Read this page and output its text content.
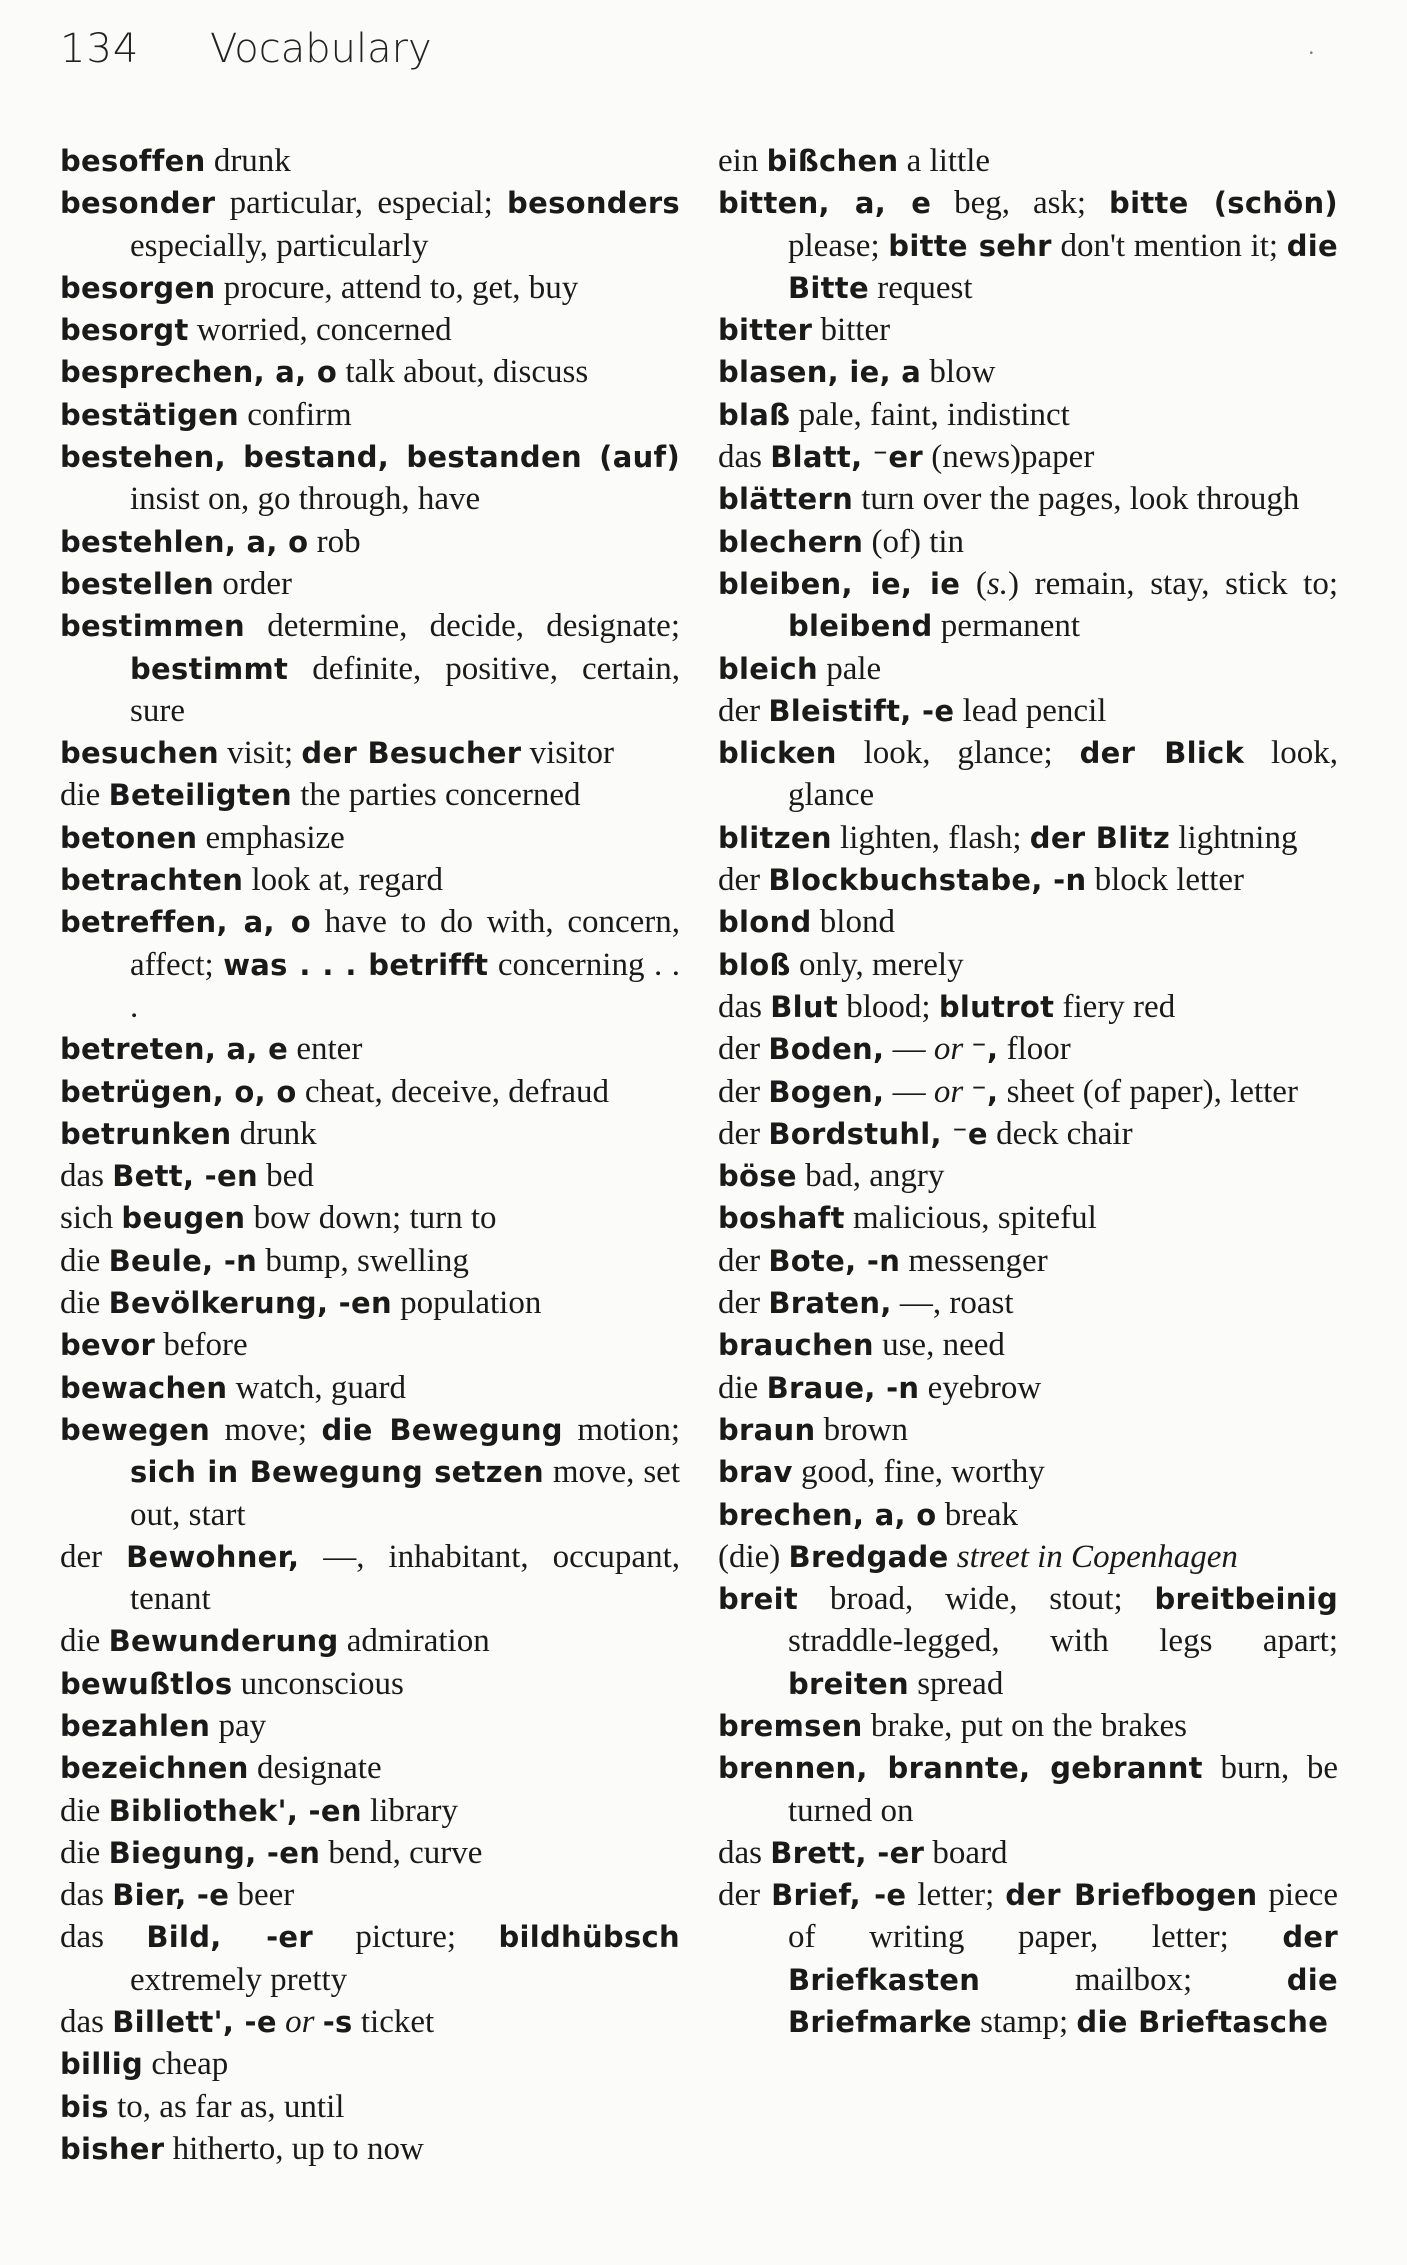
134 Vocabulary	·
besoffen drunk
besonder particular, especial; besonders especially, particularly
besorgen procure, attend to, get, buy
besorgt worried, concerned
besprechen, a, o talk about, discuss
bestätigen confirm
bestehen, bestand, bestanden (auf) insist on, go through, have
bestehlen, a, o rob
bestellen order
bestimmen determine, decide, designate; bestimmt definite, positive, certain, sure
besuchen visit; der Besucher visitor
die Beteiligten the parties concerned
betonen emphasize
betrachten look at, regard
betreffen, a, o have to do with, concern, affect; was . . . betrifft concerning . . .
betreten, a, e enter
betrügen, o, o cheat, deceive, defraud
betrunken drunk
das Bett, -en bed
sich beugen bow down; turn to
die Beule, -n bump, swelling
die Bevölkerung, -en population
bevor before
bewachen watch, guard
bewegen move; die Bewegung motion; sich in Bewegung setzen move, set out, start
der Bewohner, —, inhabitant, occupant, tenant
die Bewunderung admiration
bewußtlos unconscious
bezahlen pay
bezeichnen designate
die Bibliothek', -en library
die Biegung, -en bend, curve
das Bier, -e beer
das Bild, -er picture; bildhübsch extremely pretty
das Billett', -e or -s ticket
billig cheap
bis to, as far as, until
bisher hitherto, up to now
ein bißchen a little
bitten, a, e beg, ask; bitte (schön) please; bitte sehr don't mention it; die Bitte request
bitter bitter
blasen, ie, a blow
blaß pale, faint, indistinct
das Blatt, ⁻er (news)paper
blättern turn over the pages, look through
blechern (of) tin
bleiben, ie, ie (s.) remain, stay, stick to; bleibend permanent
bleich pale
der Bleistift, -e lead pencil
blicken look, glance; der Blick look, glance
blitzen lighten, flash; der Blitz lightning
der Blockbuchstabe, -n block letter
blond blond
bloß only, merely
das Blut blood; blutrot fiery red
der Boden, — or ⁻, floor
der Bogen, — or ⁻, sheet (of paper), letter
der Bordstuhl, ⁻e deck chair
böse bad, angry
boshaft malicious, spiteful
der Bote, -n messenger
der Braten, —, roast
brauchen use, need
die Braue, -n eyebrow
braun brown
brav good, fine, worthy
brechen, a, o break
(die) Bredgade street in Copenhagen
breit broad, wide, stout; breitbeinig straddle-legged, with legs apart; breiten spread
bremsen brake, put on the brakes
brennen, brannte, gebrannt burn, be turned on
das Brett, -er board
der Brief, -e letter; der Briefbogen piece of writing paper, letter; der Briefkasten mailbox; die Briefmarke stamp; die Brieftasche
